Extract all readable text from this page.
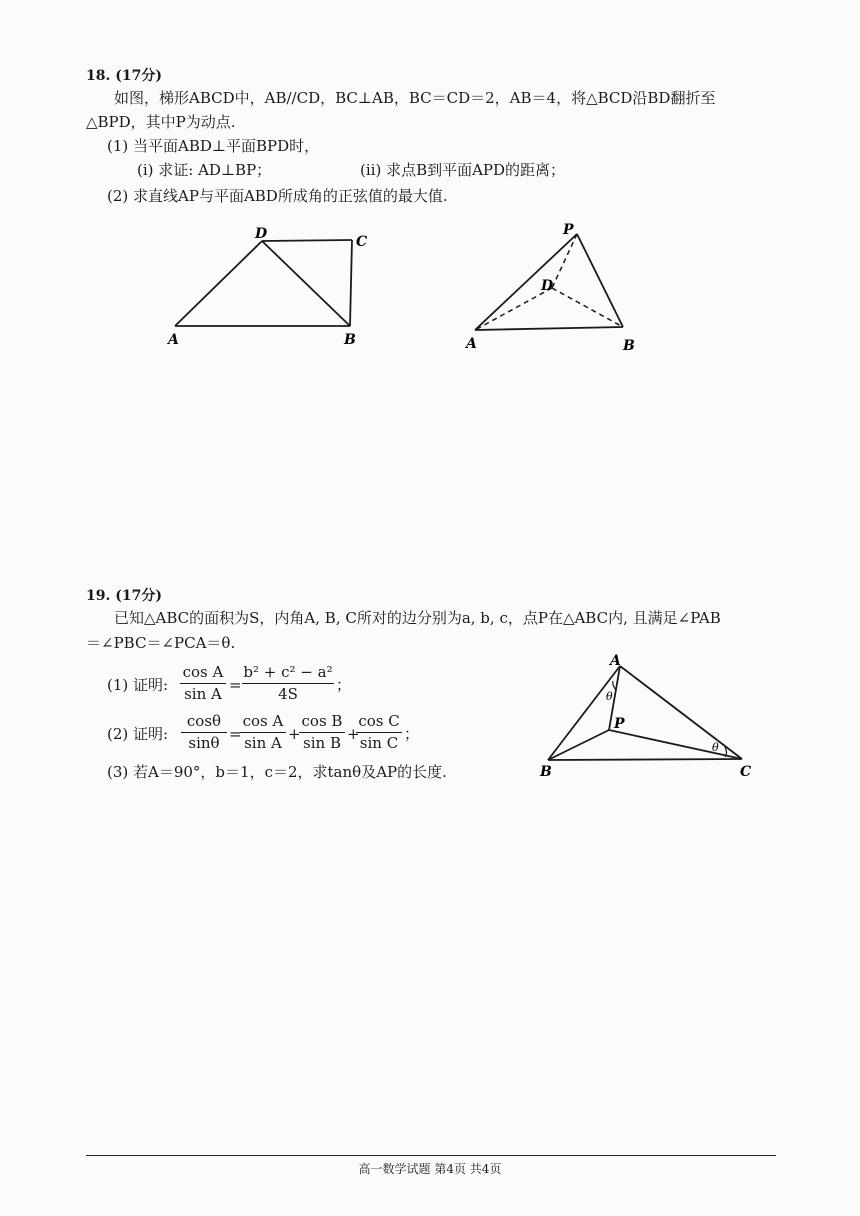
18. (17分)
如图，梯形ABCD中，AB//CD，BC⊥AB，BC＝CD＝2，AB＝4，将△BCD沿BD翻折至
△BPD，其中P为动点.
(1) 当平面ABD⊥平面BPD时，
(ⅰ) 求证: AD⊥BP；	(ⅱ) 求点B到平面APD的距离；
(2) 求直线AP与平面ABD所成角的正弦值的最大值.
D	C
A	B
P
D
A	B
19. (17分)
已知△ABC的面积为S，内角A, B, C所对的边分别为a, b, c，点P在△ABC内, 且满足∠PAB
＝∠PBC＝∠PCA＝θ.
(1) 证明:
cos A
sin A =
b² + c² − a²
4S	；
(2) 证明:
cosθ
sinθ =
cos A
sin A +
cos B
sin B +
cos C
sin C ；
(3) 若A＝90°，b＝1，c＝2，求tanθ及AP的长度.
A
B	C
P
θ
θ
高一数学试题 第4页 共4页
